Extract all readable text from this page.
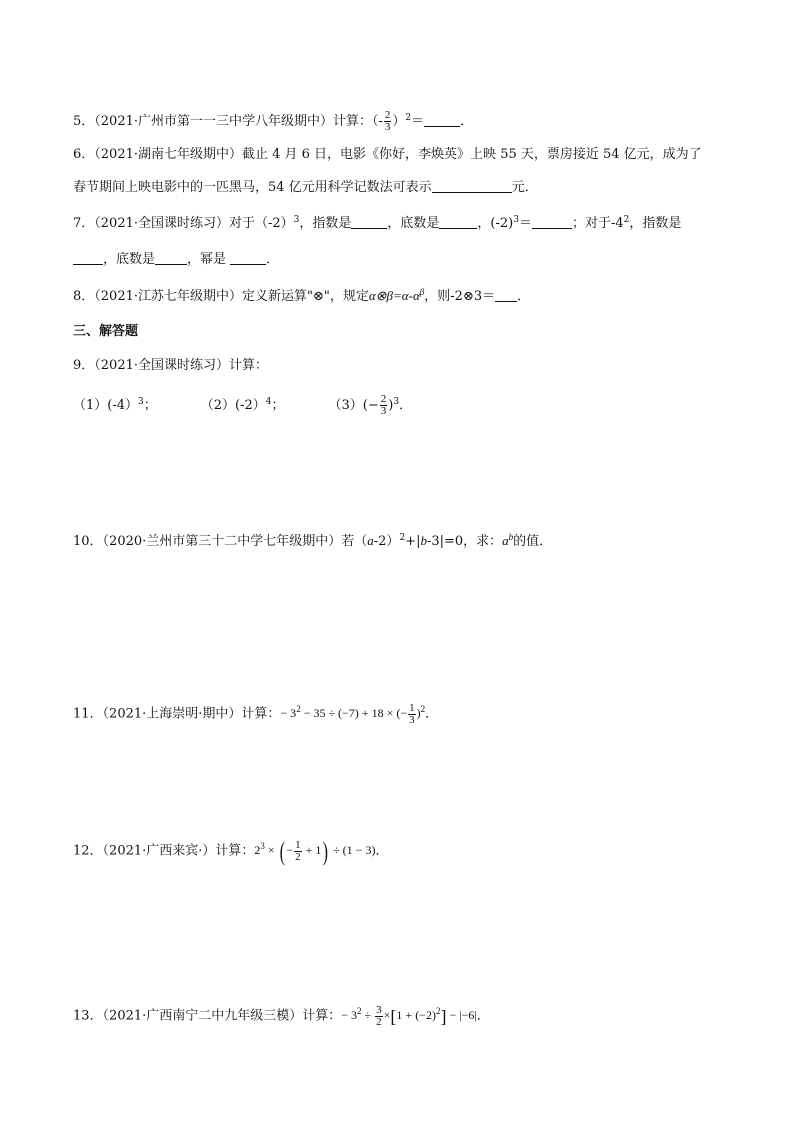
5．（2021·广州市第一一三中学八年级期中）计算：（- $\frac{2}{3} )^2=$	．
6．（2021·湖南七年级期中）截止 4 月 6 日，电影《你好，李焕英》上映 55 天，票房接近 54 亿元，成为了
春节期间上映电影中的一匹黑马，54 亿元用科学记数法可表示	元．
7．（2021·全国课时练习）对于$(-2)^3$，指数是	，底数是	，$(-2)^3=$	；对于$-4^2$，指数是
，底数是 ，幂是	．
8．（2021·江苏七年级期中）定义新运算"⊗"，规定$\alpha\otimes\beta=\alpha-\alpha^\beta$，则-2⊗3＝ ．
三、解答题
9．（2021·全国课时练习）计算：
（1）(-4）$^3$；	（2）(-2）$^4$；	$(3)(- \frac{2}{3} )^3$．
10．（2020·兰州市第三十二中学七年级期中）若$(a-2)^2+|b-3|=0$，求：$a^b$的值．
11．（2021·上海崇明·期中）计算：− $3^2 - 35 \div (-7) + 18$ × (− $\frac{1}{3} )^2$．
12．（2021·广西来宾·）计算：$2^3$ × ( − $\frac{1}{2} + 1) \div (1 - 3)$．
13．（2021·广西南宁二中九年级三模）计算：− $3^2 \div \frac{3}{2} \times[1 + (-2)^2] - |-6|$．
